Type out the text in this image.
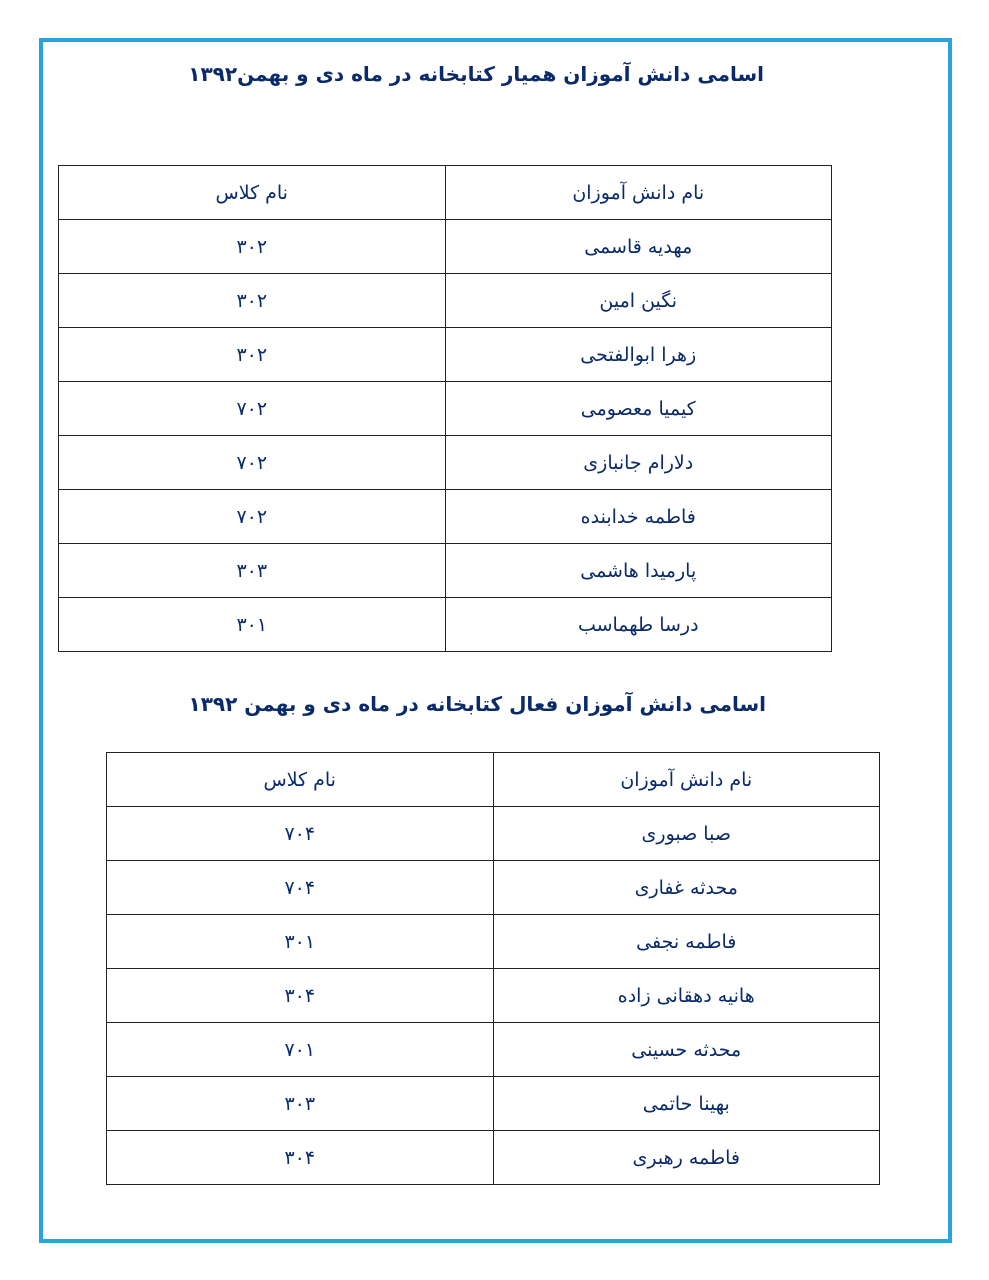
اسامی دانش آموزان همیار کتابخانه در ماه دی و بهمن۱۳۹۲
نام دانش آموزان	نام کلاس
مهدیه قاسمی	۳۰۲
نگین امین	۳۰۲
زهرا ابوالفتحی	۳۰۲
کیمیا معصومی	۷۰۲
دلارام جانبازی	۷۰۲
فاطمه خدابنده	۷۰۲
پارمیدا هاشمی	۳۰۳
درسا طهماسب	۳۰۱
اسامی دانش آموزان فعال کتابخانه در ماه دی و بهمن ۱۳۹۲
نام دانش آموزان	نام کلاس
صبا صبوری	۷۰۴
محدثه غفاری	۷۰۴
فاطمه نجفی	۳۰۱
هانیه دهقانی زاده	۳۰۴
محدثه حسینی	۷۰۱
بهینا حاتمی	۳۰۳
فاطمه رهبری	۳۰۴
